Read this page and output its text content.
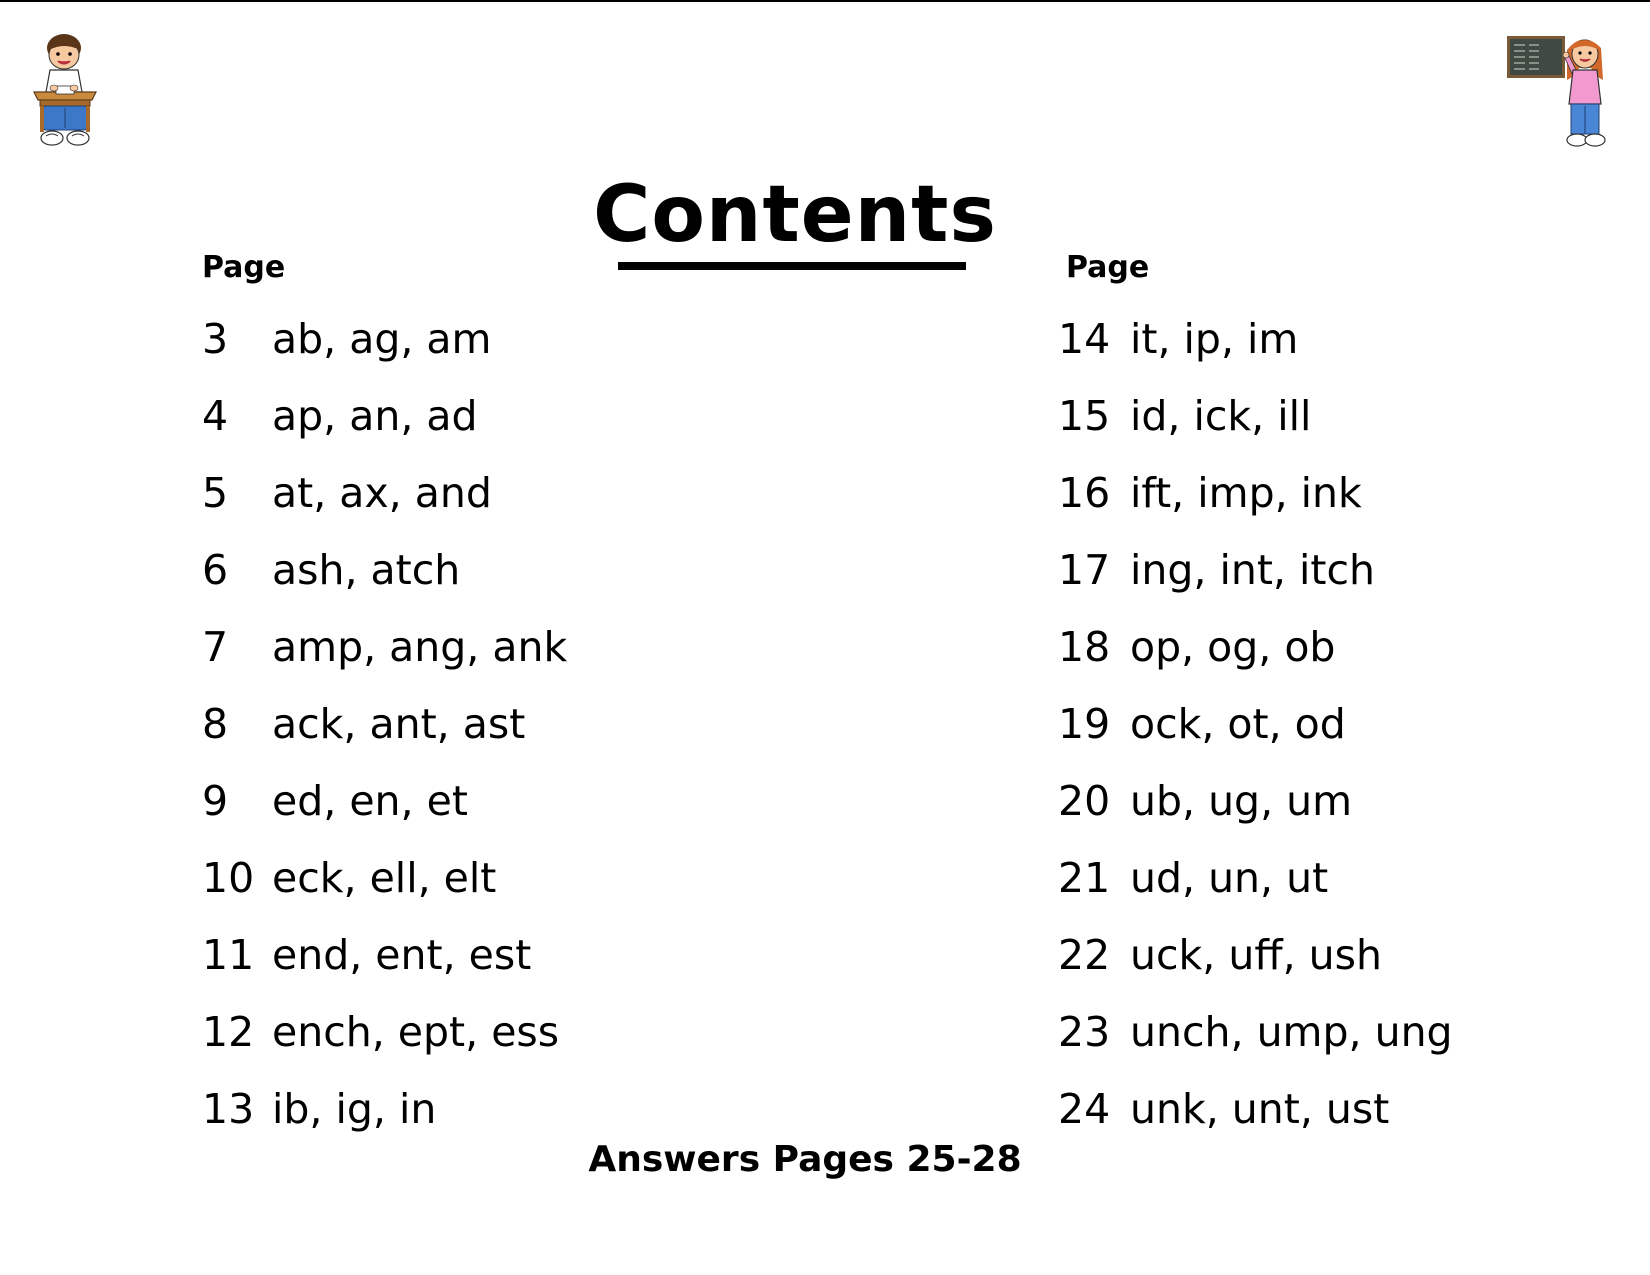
Contents
Page	Page
3	ab, ag, am
4	ap, an, ad
5	at, ax, and
6	ash, atch
7	amp, ang, ank
8	ack, ant, ast
9	ed, en, et
10 eck, ell, elt
11 end, ent, est
12 ench, ept, ess
13 ib, ig, in
14 it, ip, im
15 id, ick, ill
16 ift, imp, ink
17 ing, int, itch
18 op, og, ob
19 ock, ot, od
20 ub, ug, um
21 ud, un, ut
22 uck, uff, ush
23 unch, ump, ung
24 unk, unt, ust
Answers Pages 25-28
